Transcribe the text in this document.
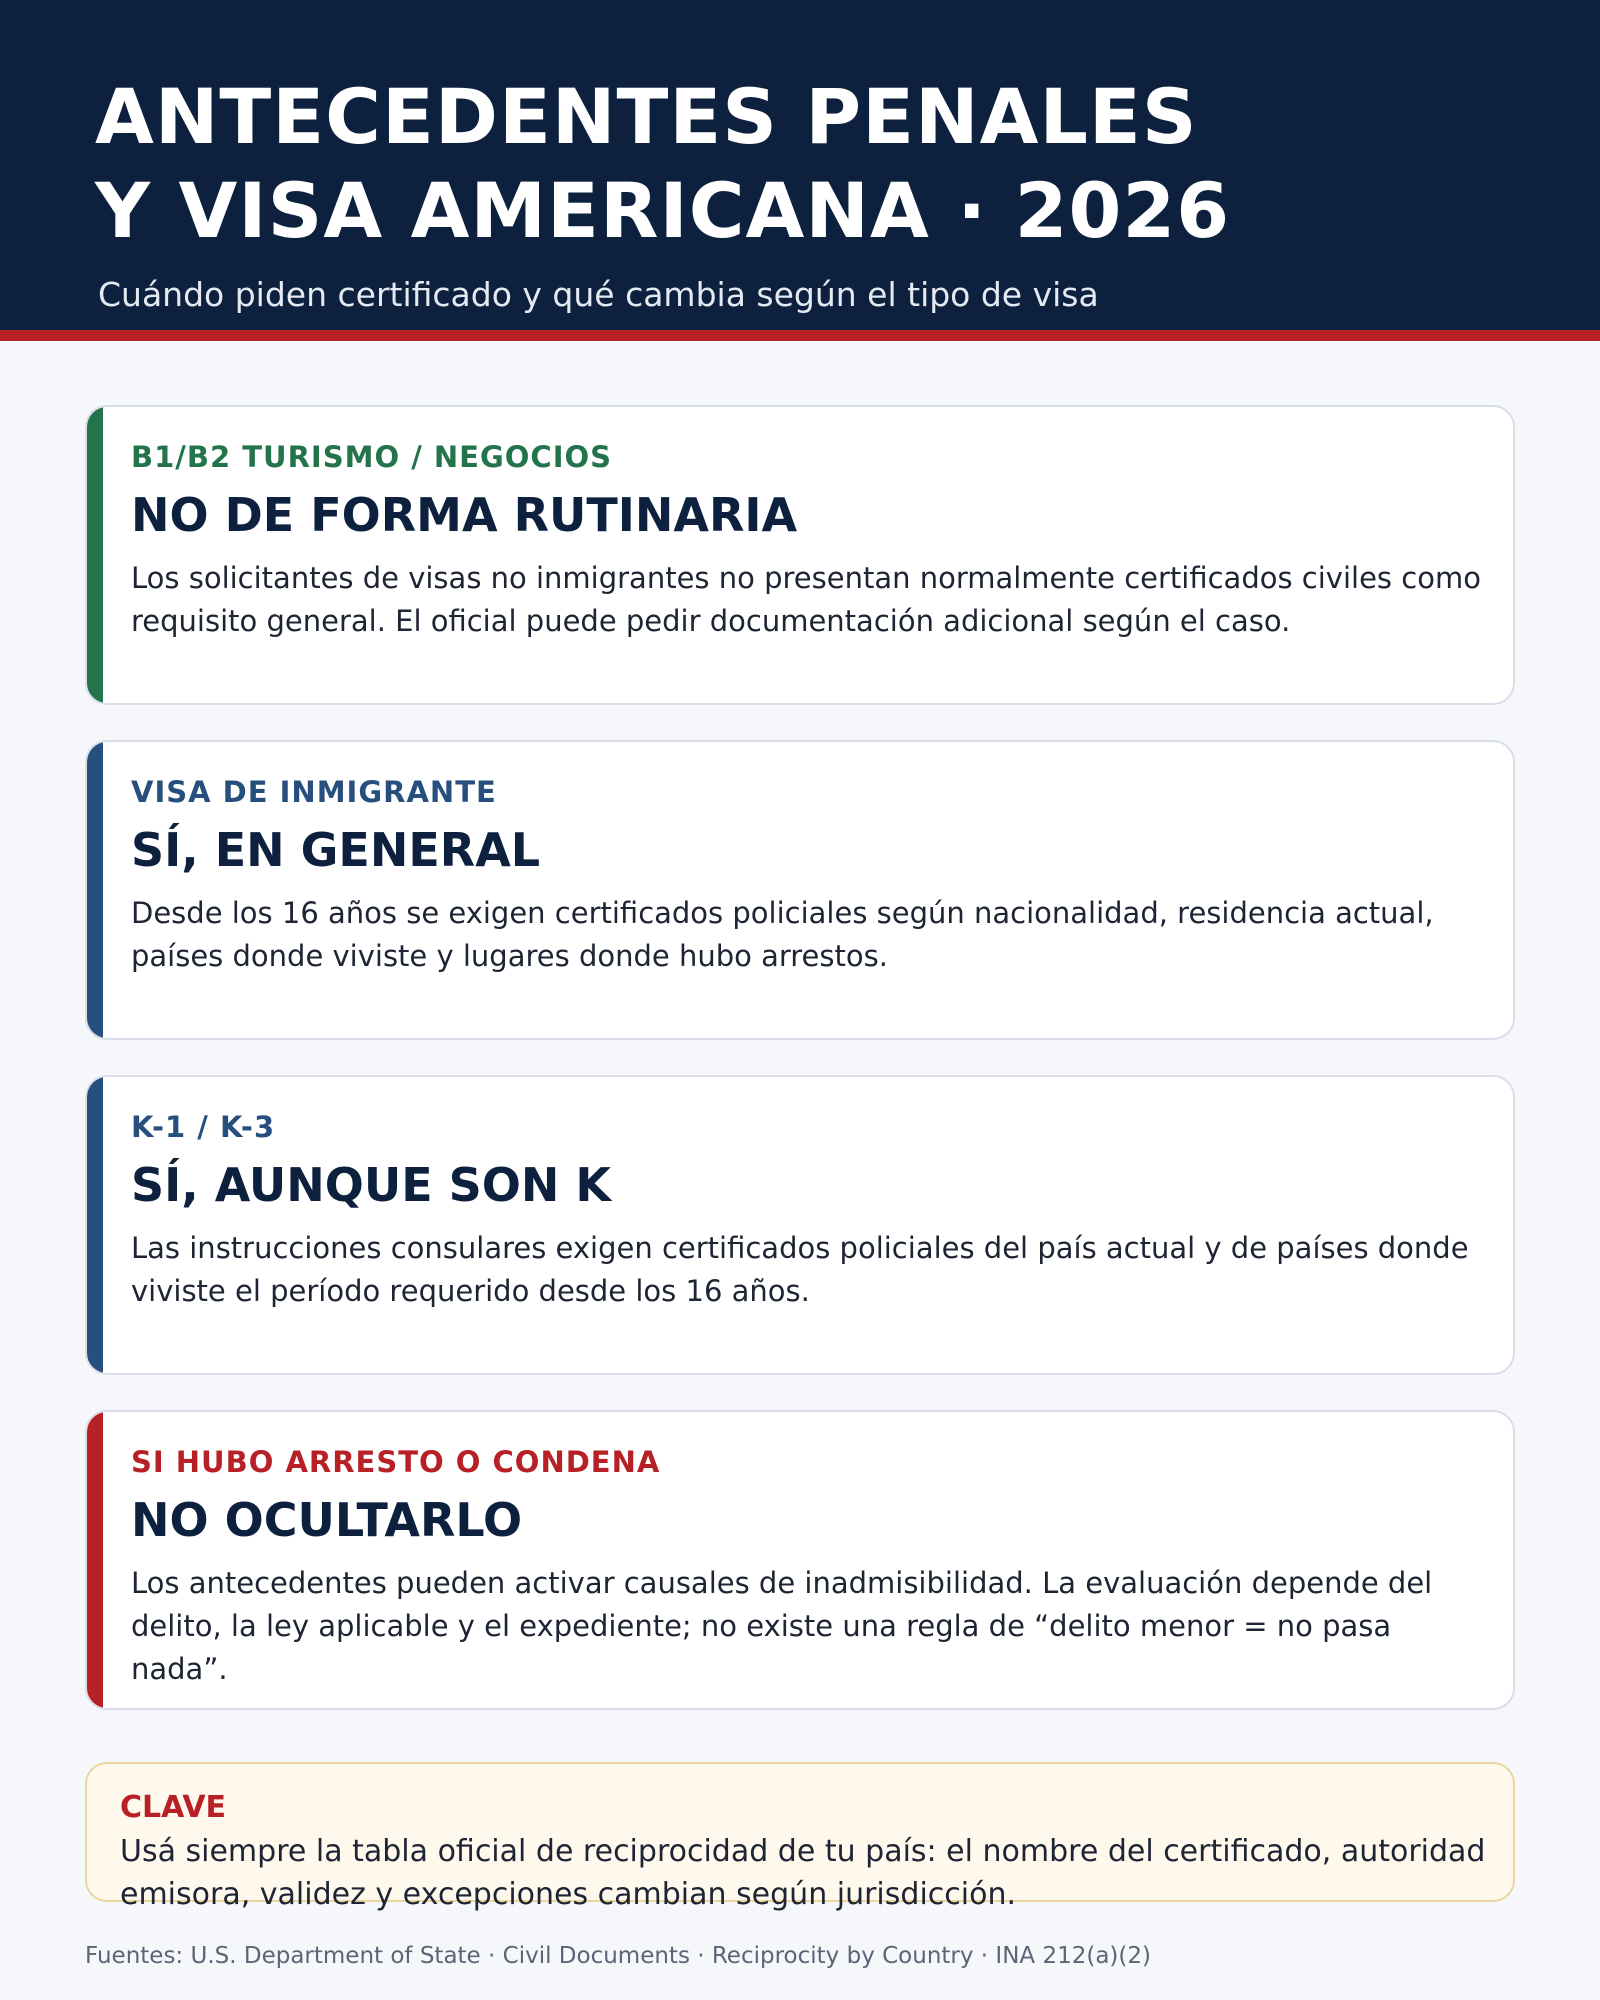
ANTECEDENTES PENALES
Y VISA AMERICANA · 2026
Cuándo piden certificado y qué cambia según el tipo de visa
B1/B2 TURISMO / NEGOCIOS
NO DE FORMA RUTINARIA
Los solicitantes de visas no inmigrantes no presentan normalmente certificados civiles como requisito general. El oficial puede pedir documentación adicional según el caso.
VISA DE INMIGRANTE
SÍ, EN GENERAL
Desde los 16 años se exigen certificados policiales según nacionalidad, residencia actual, países donde viviste y lugares donde hubo arrestos.
K-1 / K-3
SÍ, AUNQUE SON K
Las instrucciones consulares exigen certificados policiales del país actual y de países donde viviste el período requerido desde los 16 años.
SI HUBO ARRESTO O CONDENA
NO OCULTARLO
Los antecedentes pueden activar causales de inadmisibilidad. La evaluación depende del delito, la ley aplicable y el expediente; no existe una regla de “delito menor = no pasa nada”.
CLAVE
Usá siempre la tabla oficial de reciprocidad de tu país: el nombre del certificado, autoridad emisora, validez y excepciones cambian según jurisdicción.
Fuentes: U.S. Department of State · Civil Documents · Reciprocity by Country · INA 212(a)(2)
